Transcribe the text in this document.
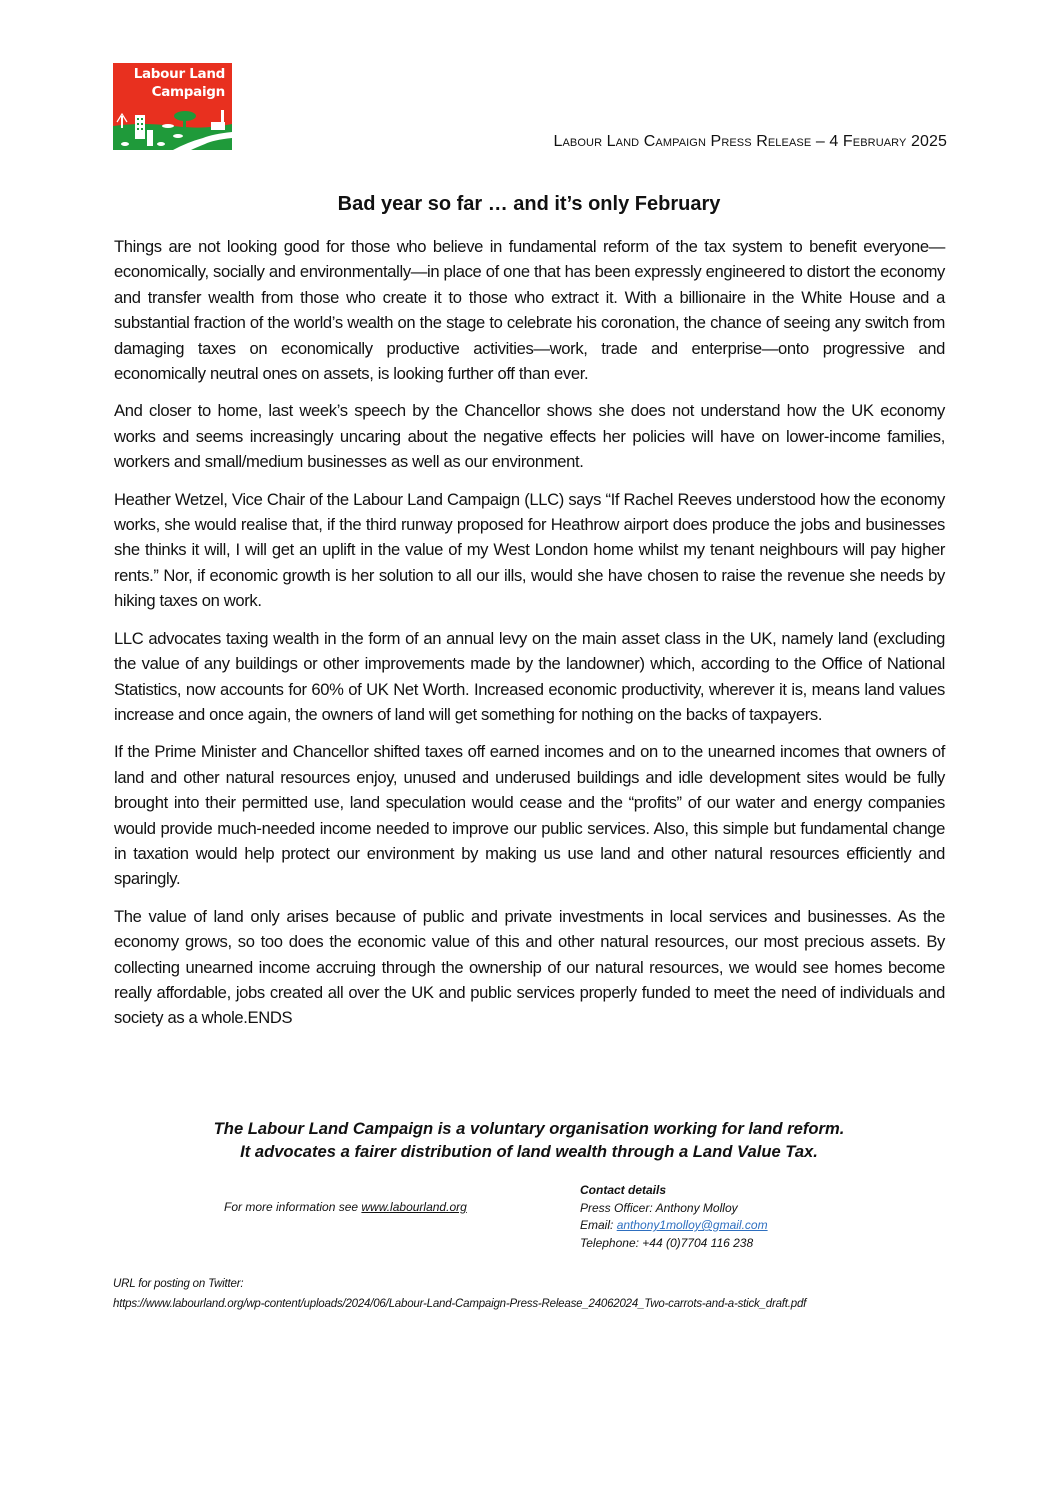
Labour Land
Campaign
Labour Land Campaign Press Release – 4 February 2025
Bad year so far … and it’s only February

Things are not looking good for those who believe in fundamental reform of the tax system to benefit everyone—economically, socially and environmentally—in place of one that has been expressly engineered to distort the economy and transfer wealth from those who create it to those who extract it. With a billionaire in the White House and a substantial fraction of the world’s wealth on the stage to celebrate his coronation, the chance of seeing any switch from damaging taxes on economically productive activities—work, trade and enterprise—onto progressive and economically neutral ones on assets, is looking further off than ever.

And closer to home, last week’s speech by the Chancellor shows she does not understand how the UK economy works and seems increasingly uncaring about the negative effects her policies will have on lower-income families, workers and small/medium businesses as well as our environment.

Heather Wetzel, Vice Chair of the Labour Land Campaign (LLC) says “If Rachel Reeves understood how the economy works, she would realise that, if the third runway proposed for Heathrow airport does produce the jobs and businesses she thinks it will, I will get an uplift in the value of my West London home whilst my tenant neighbours will pay higher rents.” Nor, if economic growth is her solution to all our ills, would she have chosen to raise the revenue she needs by hiking taxes on work.

LLC advocates taxing wealth in the form of an annual levy on the main asset class in the UK, namely land (excluding the value of any buildings or other improvements made by the landowner) which, according to the Office of National Statistics, now accounts for 60% of UK Net Worth. Increased economic productivity, wherever it is, means land values increase and once again, the owners of land will get something for nothing on the backs of taxpayers.

If the Prime Minister and Chancellor shifted taxes off earned incomes and on to the unearned incomes that owners of land and other natural resources enjoy, unused and underused buildings and idle development sites would be fully brought into their permitted use, land speculation would cease and the “profits” of our water and energy companies would provide much-needed income needed to improve our public services. Also, this simple but fundamental change in taxation would help protect our environment by making us use land and other natural resources efficiently and sparingly.

The value of land only arises because of public and private investments in local services and businesses. As the economy grows, so too does the economic value of this and other natural resources, our most precious assets. By collecting unearned income accruing through the ownership of our natural resources, we would see homes become really affordable, jobs created all over the UK and public services properly funded to meet the need of individuals and society as a whole.ENDS

The Labour Land Campaign is a voluntary organisation working for land reform.
It advocates a fairer distribution of land wealth through a Land Value Tax.
For more information see www.labourland.org
Contact details
Press Officer: Anthony Molloy
Email: anthony1molloy@gmail.com
Telephone: +44 (0)7704 116 238
URL for posting on Twitter:
https://www.labourland.org/wp-content/uploads/2024/06/Labour-Land-Campaign-Press-Release_24062024_Two-carrots-and-a-stick_draft.pdf
